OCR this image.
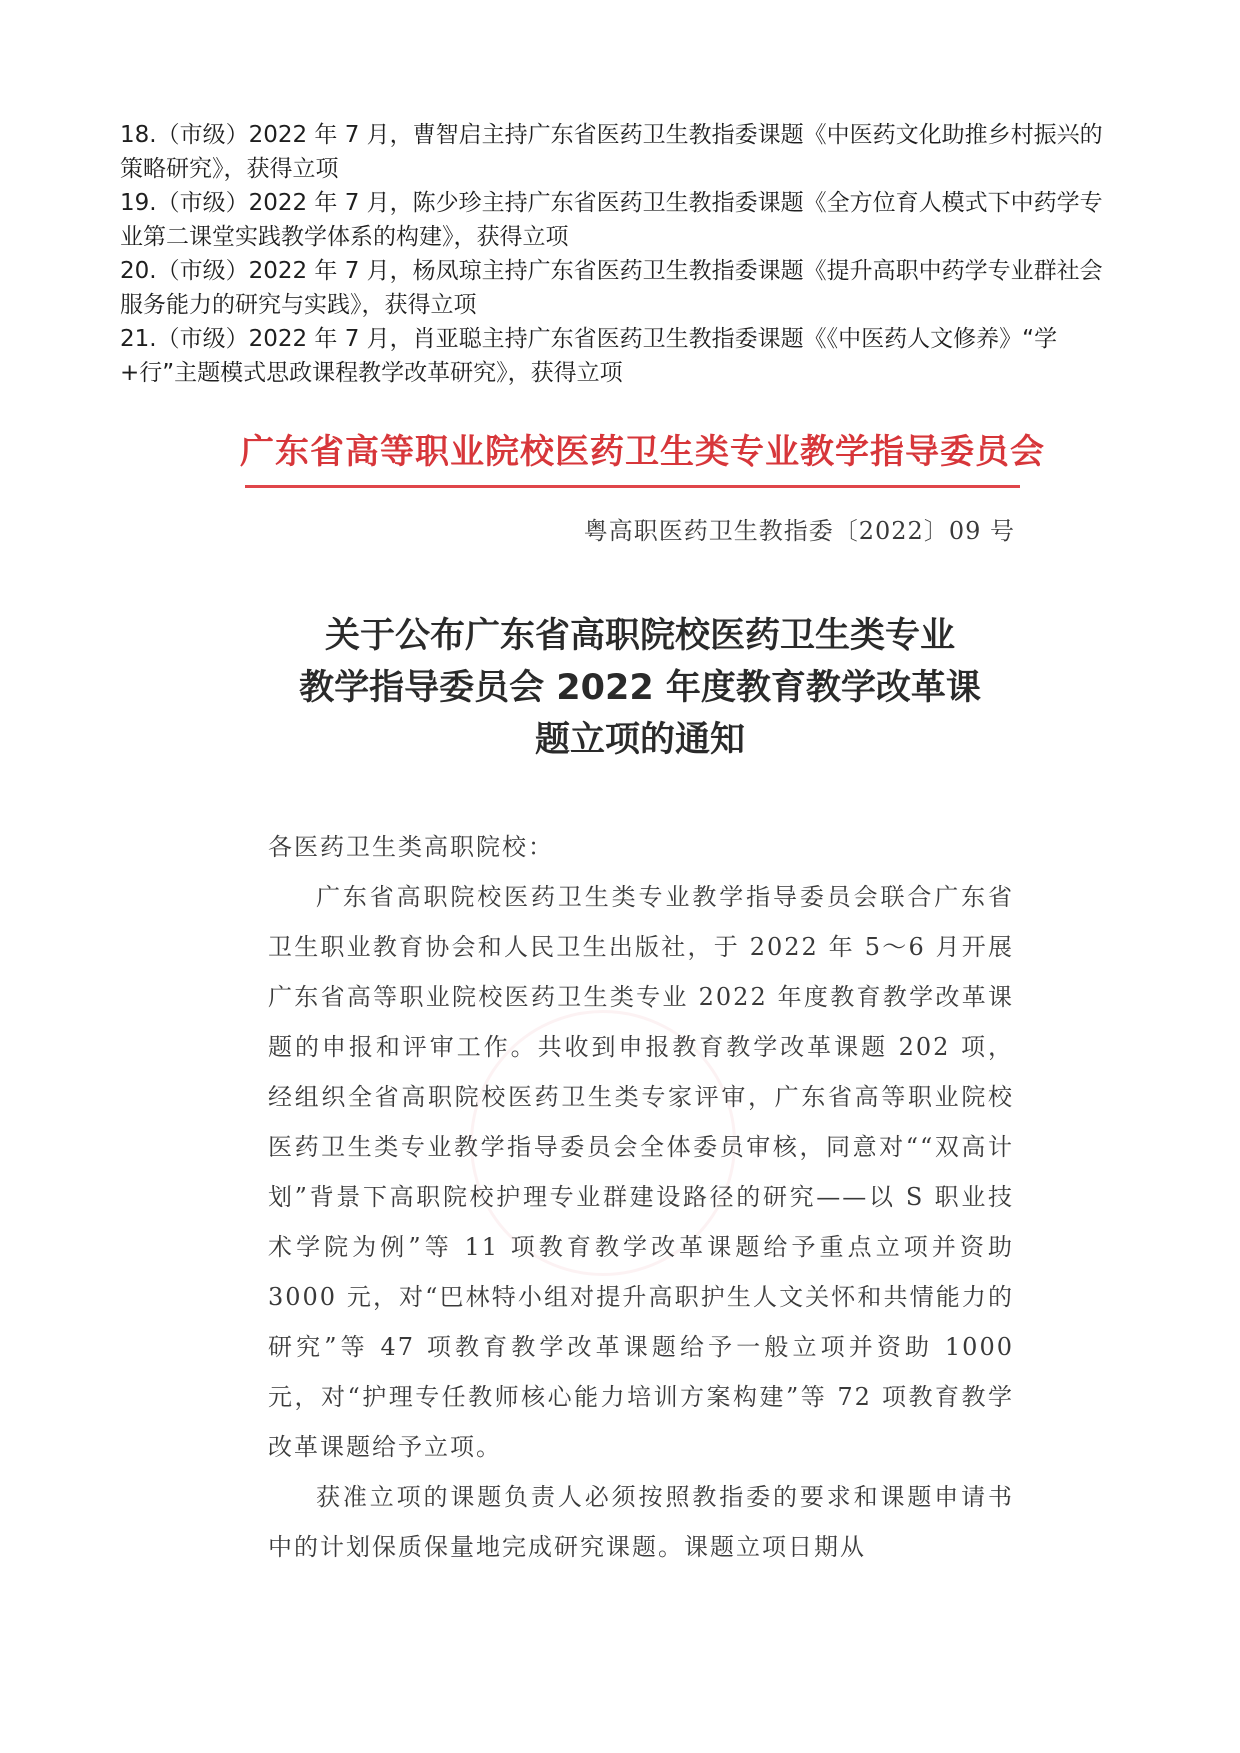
18.（市级）2022 年 7 月，曹智启主持广东省医药卫生教指委课题《中医药文化助推乡村振兴的策略研究》，获得立项

19.（市级）2022 年 7 月，陈少珍主持广东省医药卫生教指委课题《全方位育人模式下中药学专业第二课堂实践教学体系的构建》，获得立项

20.（市级）2022 年 7 月，杨凤琼主持广东省医药卫生教指委课题《提升高职中药学专业群社会服务能力的研究与实践》，获得立项

21.（市级）2022 年 7 月，肖亚聪主持广东省医药卫生教指委课题《《中医药人文修养》“学+行”主题模式思政课程教学改革研究》，获得立项

广东省高等职业院校医药卫生类专业教学指导委员会
粤高职医药卫生教指委〔2022〕09 号
关于公布广东省高职院校医药卫生类专业
教学指导委员会 2022 年度教育教学改革课
题立项的通知

各医药卫生类高职院校：

广东省高职院校医药卫生类专业教学指导委员会联合广东省卫生职业教育协会和人民卫生出版社，于 2022 年 5～6 月开展广东省高等职业院校医药卫生类专业 2022 年度教育教学改革课题的申报和评审工作。共收到申报教育教学改革课题 202 项，经组织全省高职院校医药卫生类专家评审，广东省高等职业院校医药卫生类专业教学指导委员会全体委员审核，同意对““双高计划”背景下高职院校护理专业群建设路径的研究——以 S 职业技术学院为例”等 11 项教育教学改革课题给予重点立项并资助 3000 元，对“巴林特小组对提升高职护生人文关怀和共情能力的研究”等 47 项教育教学改革课题给予一般立项并资助 1000 元，对“护理专任教师核心能力培训方案构建”等 72 项教育教学改革课题给予立项。

获准立项的课题负责人必须按照教指委的要求和课题申请书中的计划保质保量地完成研究课题。课题立项日期从
